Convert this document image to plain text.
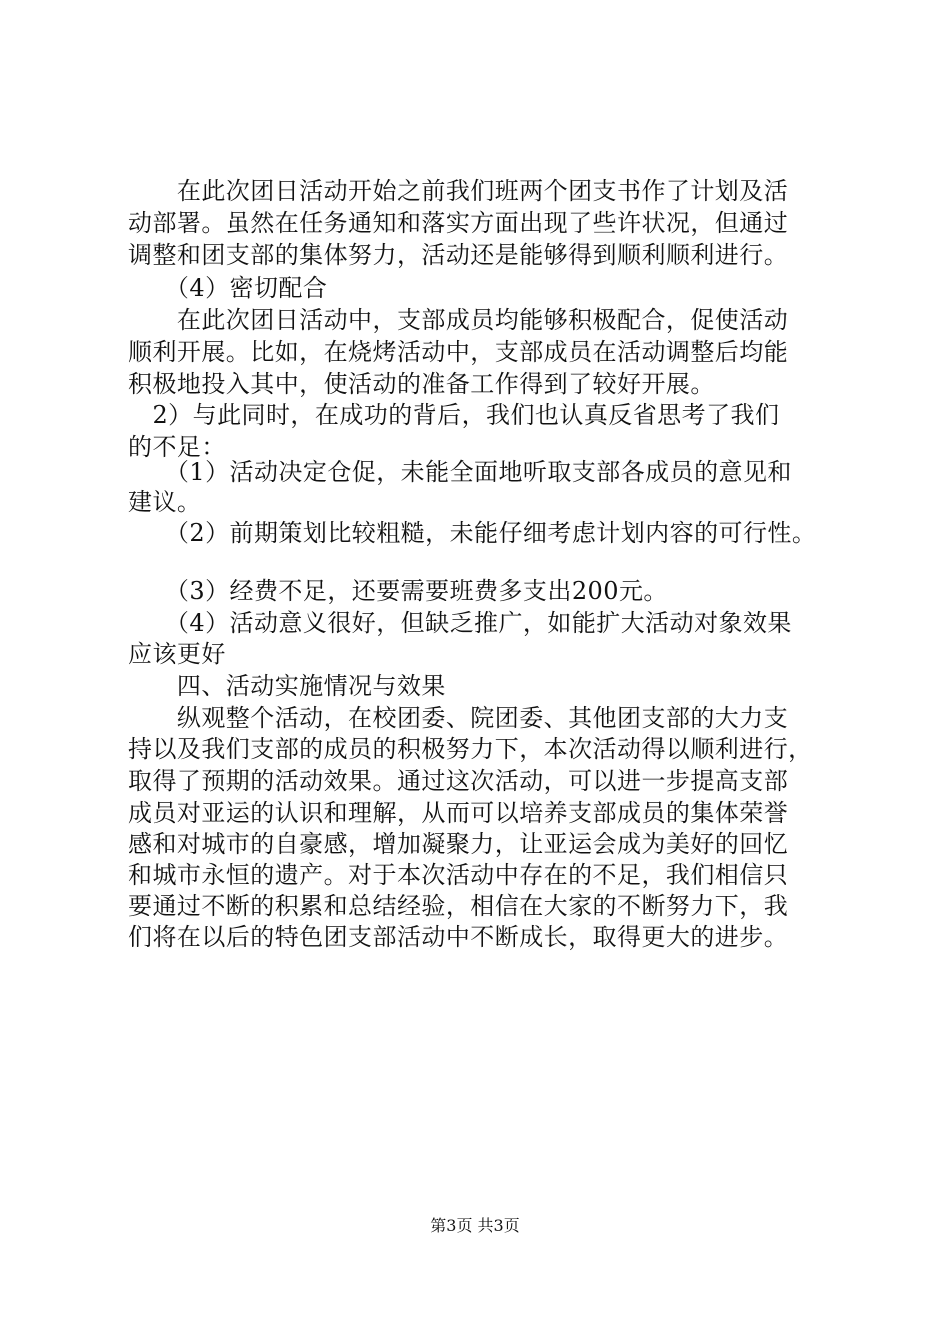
　　在此次团日活动开始之前我们班两个团支书作了计划及活
动部署。虽然在任务通知和落实方面出现了些许状况，但通过
调整和团支部的集体努力，活动还是能够得到顺利顺利进行。
　　（4）密切配合
　　在此次团日活动中，支部成员均能够积极配合，促使活动
顺利开展。比如，在烧烤活动中，支部成员在活动调整后均能
积极地投入其中，使活动的准备工作得到了较好开展。
　2）与此同时，在成功的背后，我们也认真反省思考了我们
的不足：
　　（1）活动决定仓促，未能全面地听取支部各成员的意见和
建议。
　　（2）前期策划比较粗糙，未能仔细考虑计划内容的可行性。
　　（3）经费不足，还要需要班费多支出200元。
　　（4）活动意义很好，但缺乏推广，如能扩大活动对象效果
应该更好
　　四、活动实施情况与效果
　　纵观整个活动，在校团委、院团委、其他团支部的大力支
持以及我们支部的成员的积极努力下，本次活动得以顺利进行，
取得了预期的活动效果。通过这次活动，可以进一步提高支部
成员对亚运的认识和理解，从而可以培养支部成员的集体荣誉
感和对城市的自豪感，增加凝聚力，让亚运会成为美好的回忆
和城市永恒的遗产。对于本次活动中存在的不足，我们相信只
要通过不断的积累和总结经验，相信在大家的不断努力下，我
们将在以后的特色团支部活动中不断成长，取得更大的进步。
第3页 共3页
